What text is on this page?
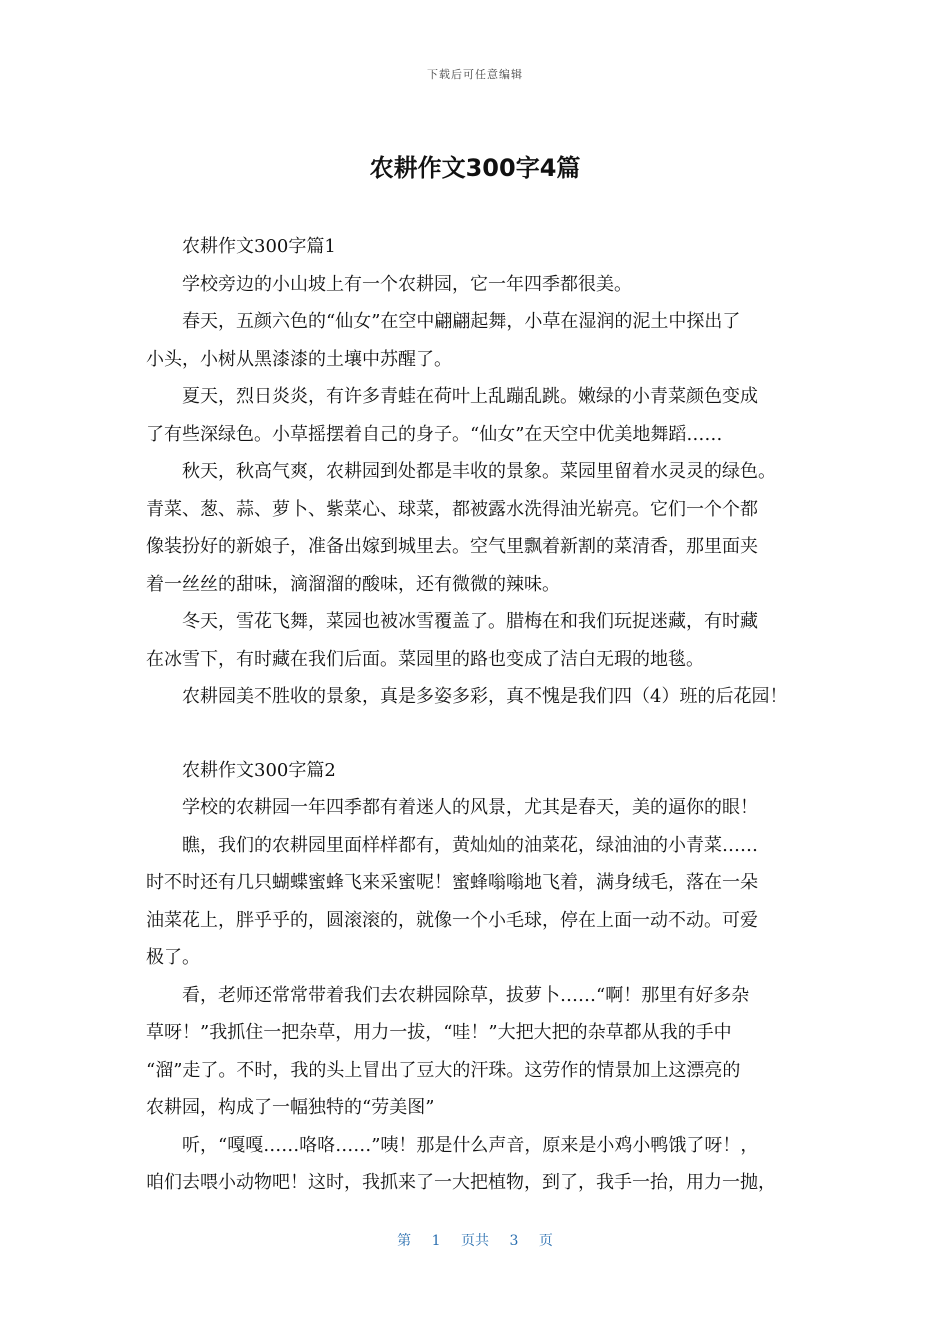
下载后可任意编辑
农耕作文300字4篇
农耕作文300字篇1
学校旁边的小山坡上有一个农耕园，它一年四季都很美。
春天，五颜六色的“仙女”在空中翩翩起舞，小草在湿润的泥土中探出了
小头，小树从黑漆漆的土壤中苏醒了。
夏天，烈日炎炎，有许多青蛙在荷叶上乱蹦乱跳。嫩绿的小青菜颜色变成
了有些深绿色。小草摇摆着自己的身子。“仙女”在天空中优美地舞蹈……
秋天，秋高气爽，农耕园到处都是丰收的景象。菜园里留着水灵灵的绿色。
青菜、葱、蒜、萝卜、紫菜心、球菜，都被露水洗得油光崭亮。它们一个个都
像装扮好的新娘子，准备出嫁到城里去。空气里飘着新割的菜清香，那里面夹
着一丝丝的甜味，滴溜溜的酸味，还有微微的辣味。
冬天，雪花飞舞，菜园也被冰雪覆盖了。腊梅在和我们玩捉迷藏，有时藏
在冰雪下，有时藏在我们后面。菜园里的路也变成了洁白无瑕的地毯。
农耕园美不胜收的景象，真是多姿多彩，真不愧是我们四（4）班的后花园！
农耕作文300字篇2
学校的农耕园一年四季都有着迷人的风景，尤其是春天，美的逼你的眼！
瞧，我们的农耕园里面样样都有，黄灿灿的油菜花，绿油油的小青菜……
时不时还有几只蝴蝶蜜蜂飞来采蜜呢！蜜蜂嗡嗡地飞着，满身绒毛，落在一朵
油菜花上，胖乎乎的，圆滚滚的，就像一个小毛球，停在上面一动不动。可爱
极了。
看，老师还常常带着我们去农耕园除草，拔萝卜……“啊！那里有好多杂
草呀！”我抓住一把杂草，用力一拔，“哇！”大把大把的杂草都从我的手中
“溜”走了。不时，我的头上冒出了豆大的汗珠。这劳作的情景加上这漂亮的
农耕园，构成了一幅独特的“劳美图”
听，“嘎嘎……咯咯……”咦！那是什么声音，原来是小鸡小鸭饿了呀！，
咱们去喂小动物吧！这时，我抓来了一大把植物，到了，我手一抬，用力一抛，
第 1 页共 3 页
